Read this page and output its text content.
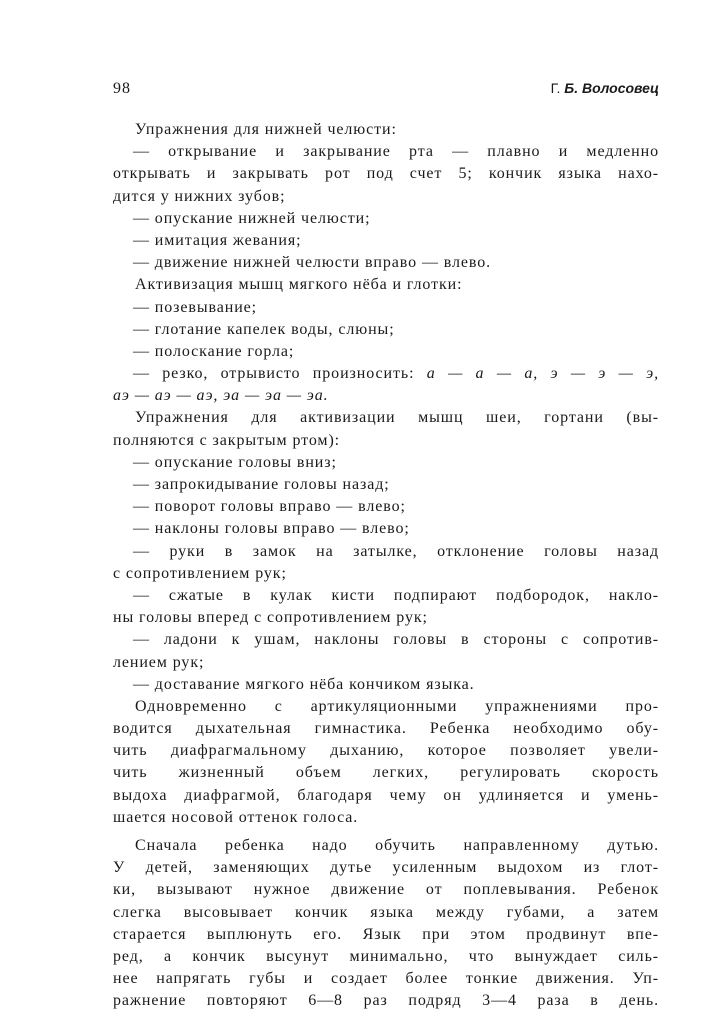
98	Г. Б. Волосовец
Упражнения для нижней челюсти:
— открывание и закрывание рта — плавно и медленно
открывать и закрывать рот под счет 5; кончик языка нахо-
дится у нижних зубов;
— опускание нижней челюсти;
— имитация жевания;
— движение нижней челюсти вправо — влево.
Активизация мышц мягкого нёба и глотки:
— позевывание;
— глотание капелек воды, слюны;
— полоскание горла;
— резко, отрывисто произносить: а — а — а, э — э — э,
аэ — аэ — аэ, эа — эа — эа.
Упражнения для активизации мышц шеи, гортани (вы-
полняются с закрытым ртом):
— опускание головы вниз;
— запрокидывание головы назад;
— поворот головы вправо — влево;
— наклоны головы вправо — влево;
— руки в замок на затылке, отклонение головы назад
с сопротивлением рук;
— сжатые в кулак кисти подпирают подбородок, накло-
ны головы вперед с сопротивлением рук;
— ладони к ушам, наклоны головы в стороны с сопротив-
лением рук;
— доставание мягкого нёба кончиком языка.
Одновременно с артикуляционными упражнениями про-
водится дыхательная гимнастика. Ребенка необходимо обу-
чить диафрагмальному дыханию, которое позволяет увели-
чить жизненный объем легких, регулировать скорость
выдоха диафрагмой, благодаря чему он удлиняется и умень-
шается носовой оттенок голоса.
Сначала ребенка надо обучить направленному дутью.
У детей, заменяющих дутье усиленным выдохом из глот-
ки, вызывают нужное движение от поплевывания. Ребенок
слегка высовывает кончик языка между губами, а затем
старается выплюнуть его. Язык при этом продвинут впе-
ред, а кончик высунут минимально, что вынуждает силь-
нее напрягать губы и создает более тонкие движения. Уп-
ражнение повторяют 6—8 раз подряд 3—4 раза в день.
